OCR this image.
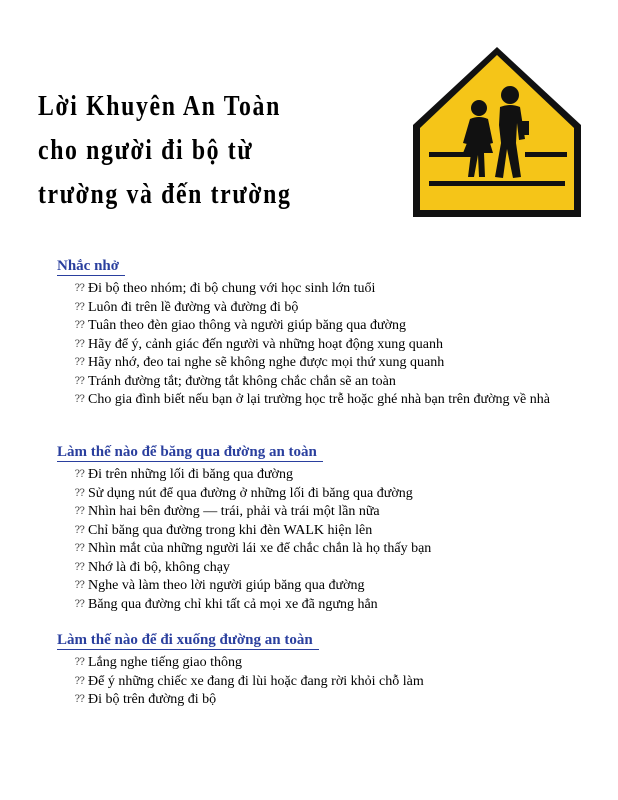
Lời Khuyên An Toàn
cho người đi bộ từ
trường và đến trường
Nhắc nhở
⁇ Đi bộ theo nhóm; đi bộ chung với học sinh lớn tuổi
⁇ Luôn đi trên lề đường và đường đi bộ
⁇ Tuân theo đèn giao thông và người giúp băng qua đường
⁇ Hãy để ý, cảnh giác đến người và những hoạt động xung quanh
⁇ Hãy nhớ, đeo tai nghe sẽ không nghe được mọi thứ xung quanh
⁇ Tránh đường tắt; đường tắt không chắc chắn sẽ an toàn
⁇ Cho gia đình biết nếu bạn ở lại trường học trễ hoặc ghé nhà bạn trên đường về nhà
Làm thế nào để băng qua đường an toàn
⁇ Đi trên những lối đi băng qua đường
⁇ Sử dụng nút để qua đường ở những lối đi băng qua đường
⁇ Nhìn hai bên đường — trái, phải và trái một lần nữa
⁇ Chỉ băng qua đường trong khi đèn WALK hiện lên
⁇ Nhìn mắt của những người lái xe để chắc chắn là họ thấy bạn
⁇ Nhớ là đi bộ, không chạy
⁇ Nghe và làm theo lời người giúp băng qua đường
⁇ Băng qua đường chỉ khi tất cả mọi xe đã ngưng hẳn
Làm thế nào để đi xuống đường an toàn
⁇ Lắng nghe tiếng giao thông
⁇ Để ý những chiếc xe đang đi lùi hoặc đang rời khỏi chỗ làm
⁇ Đi bộ trên đường đi bộ
